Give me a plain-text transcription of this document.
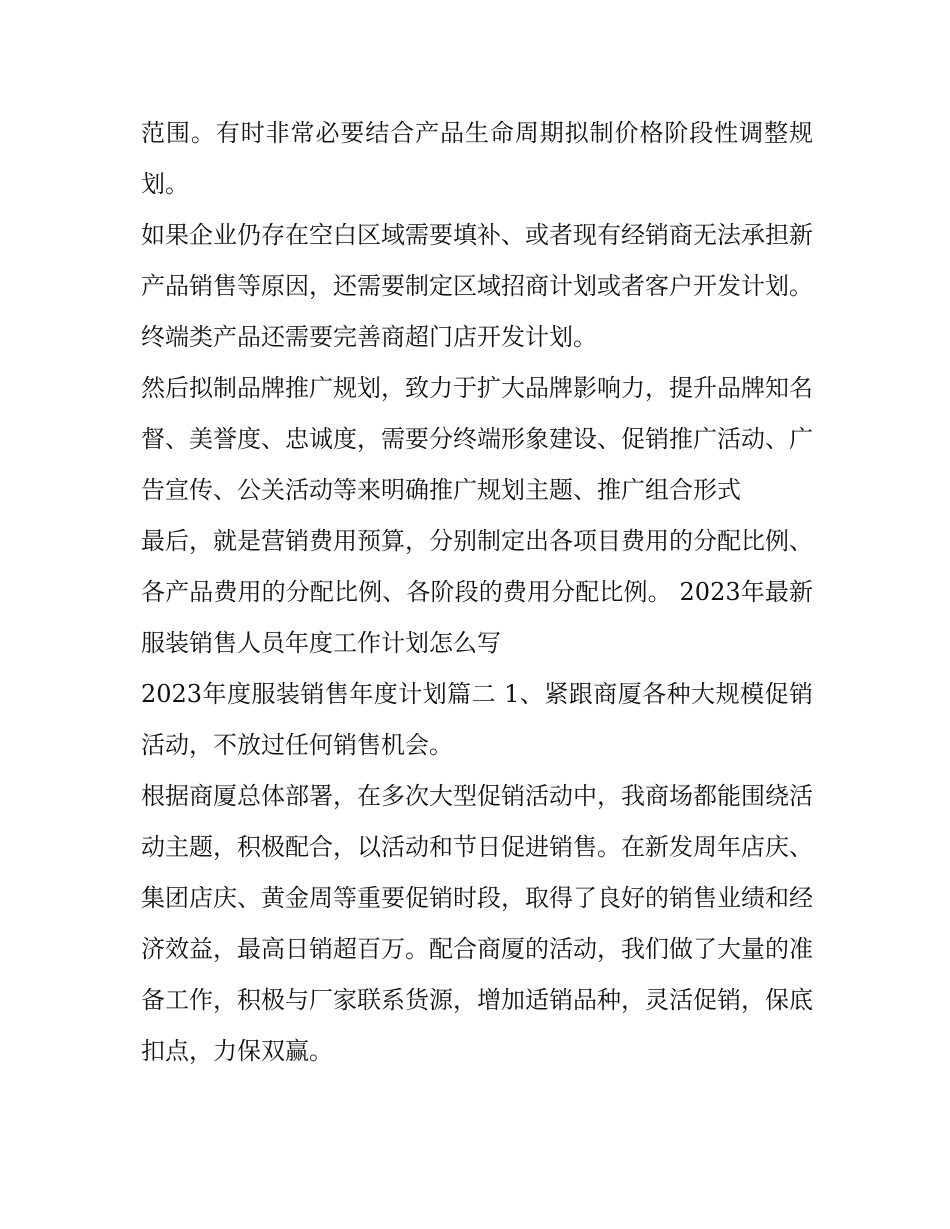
范围。有时非常必要结合产品生命周期拟制价格阶段性调整规划。

如果企业仍存在空白区域需要填补、或者现有经销商无法承担新产品销售等原因，还需要制定区域招商计划或者客户开发计划。终端类产品还需要完善商超门店开发计划。

然后拟制品牌推广规划，致力于扩大品牌影响力，提升品牌知名督、美誉度、忠诚度，需要分终端形象建设、促销推广活动、广告宣传、公关活动等来明确推广规划主题、推广组合形式

最后，就是营销费用预算，分别制定出各项目费用的分配比例、各产品费用的分配比例、各阶段的费用分配比例。 2023年最新服装销售人员年度工作计划怎么写

2023年度服装销售年度计划篇二 1、紧跟商厦各种大规模促销活动，不放过任何销售机会。

根据商厦总体部署，在多次大型促销活动中，我商场都能围绕活动主题，积极配合，以活动和节日促进销售。在新发周年店庆、集团店庆、黄金周等重要促销时段，取得了良好的销售业绩和经济效益，最高日销超百万。配合商厦的活动，我们做了大量的准备工作，积极与厂家联系货源，增加适销品种，灵活促销，保底扣点，力保双赢。
